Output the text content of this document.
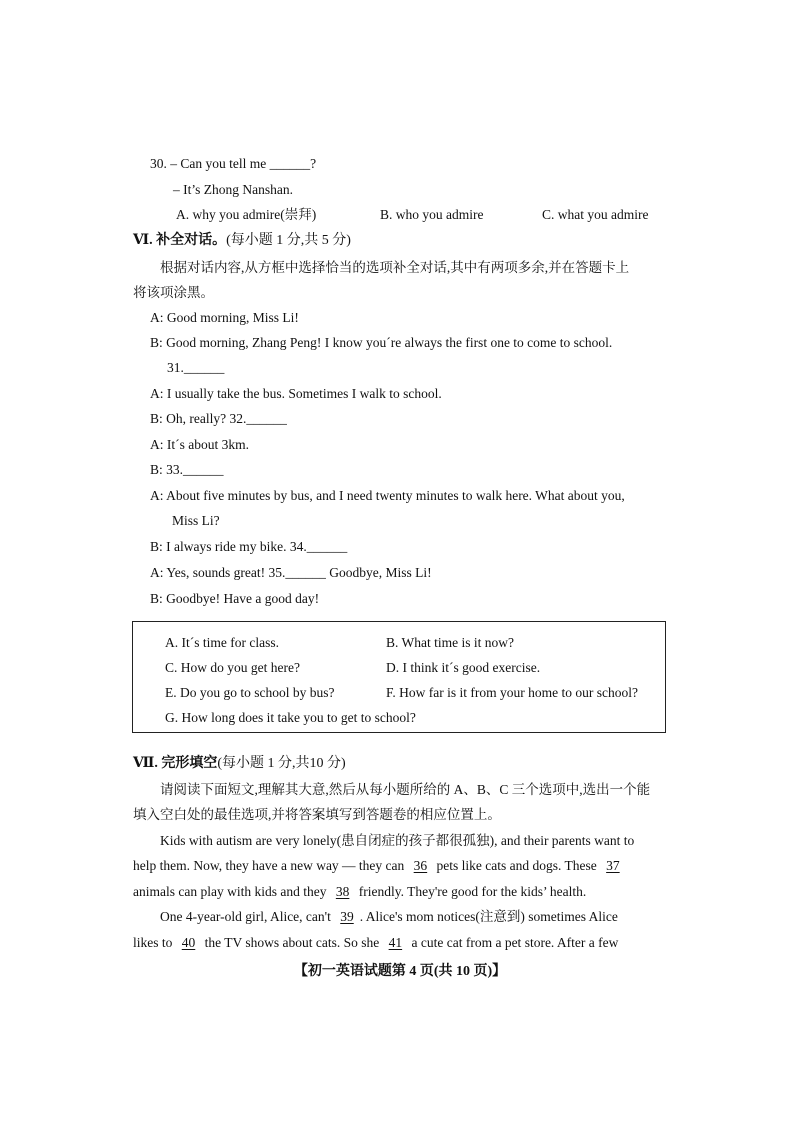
30. – Can you tell me ______?
– It’s Zhong Nanshan.
A. why you admire(崇拜)	B. who you admire	C. what you admire
Ⅵ. 补全对话。(每小题 1 分,共 5 分)
根据对话内容,从方框中选择恰当的选项补全对话,其中有两项多余,并在答题卡上
将该项涂黑。
A: Good morning, Miss Li!
B: Good morning, Zhang Peng! I know you´re always the first one to come to school.
31.______
A: I usually take the bus. Sometimes I walk to school.
B: Oh, really? 32.______
A: It´s about 3km.
B: 33.______
A: About five minutes by bus, and I need twenty minutes to walk here. What about you,
Miss Li?
B: I always ride my bike. 34.______
A: Yes, sounds great! 35.______ Goodbye, Miss Li!
B: Goodbye! Have a good day!
A. It´s time for class.	B. What time is it now?
C. How do you get here?	D. I think it´s good exercise.
E. Do you go to school by bus?	F. How far is it from your home to our school?
G. How long does it take you to get to school?
Ⅶ. 完形填空(每小题 1 分,共10 分)
请阅读下面短文,理解其大意,然后从每小题所给的 A、B、C 三个选项中,选出一个能
填入空白处的最佳选项,并将答案填写到答题卷的相应位置上。
Kids with autism are very lonely(患自闭症的孩子都很孤独), and their parents want to
help them. Now, they have a new way — they can 36 pets like cats and dogs. These 37
animals can play with kids and they 38 friendly. They're good for the kids’ health.
One 4-year-old girl, Alice, can't 39 . Alice's mom notices(注意到) sometimes Alice
likes to 40 the TV shows about cats. So she 41 a cute cat from a pet store. After a few
【初一英语试题第 4 页(共 10 页)】
